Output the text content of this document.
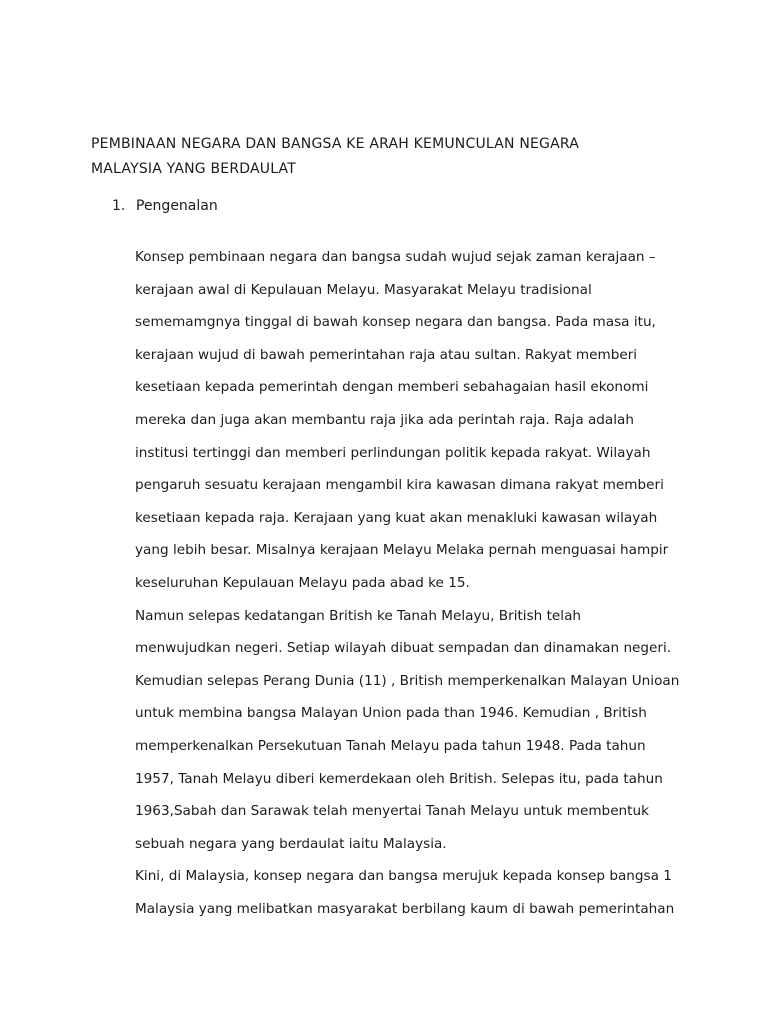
PEMBINAAN NEGARA DAN BANGSA KE ARAH KEMUNCULAN NEGARA
MALAYSIA YANG BERDAULAT
1. Pengenalan
Konsep pembinaan negara dan bangsa sudah wujud sejak zaman kerajaan –
kerajaan awal di Kepulauan Melayu. Masyarakat Melayu tradisional
sememamgnya tinggal di bawah konsep negara dan bangsa. Pada masa itu,
kerajaan wujud di bawah pemerintahan raja atau sultan. Rakyat memberi
kesetiaan kepada pemerintah dengan memberi sebahagaian hasil ekonomi
mereka dan juga akan membantu raja jika ada perintah raja. Raja adalah
institusi tertinggi dan memberi perlindungan politik kepada rakyat. Wilayah
pengaruh sesuatu kerajaan mengambil kira kawasan dimana rakyat memberi
kesetiaan kepada raja. Kerajaan yang kuat akan menakluki kawasan wilayah
yang lebih besar. Misalnya kerajaan Melayu Melaka pernah menguasai hampir
keseluruhan Kepulauan Melayu pada abad ke 15.
Namun selepas kedatangan British ke Tanah Melayu, British telah
menwujudkan negeri. Setiap wilayah dibuat sempadan dan dinamakan negeri.
Kemudian selepas Perang Dunia (11) , British memperkenalkan Malayan Unioan
untuk membina bangsa Malayan Union pada than 1946. Kemudian , British
memperkenalkan Persekutuan Tanah Melayu pada tahun 1948. Pada tahun
1957, Tanah Melayu diberi kemerdekaan oleh British. Selepas itu, pada tahun
1963,Sabah dan Sarawak telah menyertai Tanah Melayu untuk membentuk
sebuah negara yang berdaulat iaitu Malaysia.
Kini, di Malaysia, konsep negara dan bangsa merujuk kepada konsep bangsa 1
Malaysia yang melibatkan masyarakat berbilang kaum di bawah pemerintahan
